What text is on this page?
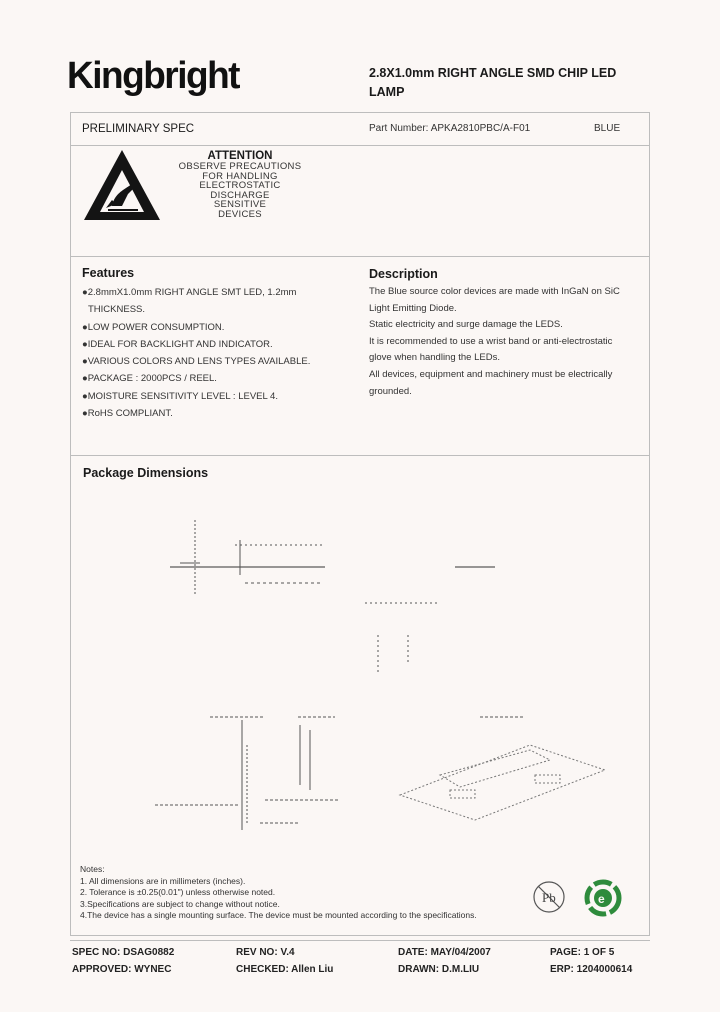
Kingbright	2.8X1.0mm RIGHT ANGLE SMD CHIP LED LAMP
PRELIMINARY SPEC	Part Number: APKA2810PBC/A-F01	BLUE
ATTENTION
OBSERVE PRECAUTIONS
FOR HANDLING
ELECTROSTATIC
DISCHARGE
SENSITIVE
DEVICES
Features
●2.8mmX1.0mm RIGHT ANGLE SMT LED, 1.2mm
THICKNESS.
●LOW POWER CONSUMPTION.
●IDEAL FOR BACKLIGHT AND INDICATOR.
●VARIOUS COLORS AND LENS TYPES AVAILABLE.
●PACKAGE : 2000PCS / REEL.
●MOISTURE SENSITIVITY LEVEL : LEVEL 4.
●RoHS COMPLIANT.
Description
The Blue source color devices are made with InGaN on SiC
Light Emitting Diode.
Static electricity and surge damage the LEDS.
It is recommended to use a wrist band or anti-electrostatic
glove when handling the LEDs.
All devices, equipment and machinery must be electrically
grounded.
Package Dimensions
Notes:
1. All dimensions are in millimeters (inches).
2. Tolerance is ±0.25(0.01") unless otherwise noted.
3.Specifications are subject to change without notice.
4.The device has a single mounting surface. The device must be mounted according to the specifications.
Pb	e
SPEC NO: DSAG0882	REV NO: V.4	DATE: MAY/04/2007	PAGE: 1 OF 5
APPROVED: WYNEC	CHECKED: Allen Liu	DRAWN: D.M.LIU	ERP: 1204000614
